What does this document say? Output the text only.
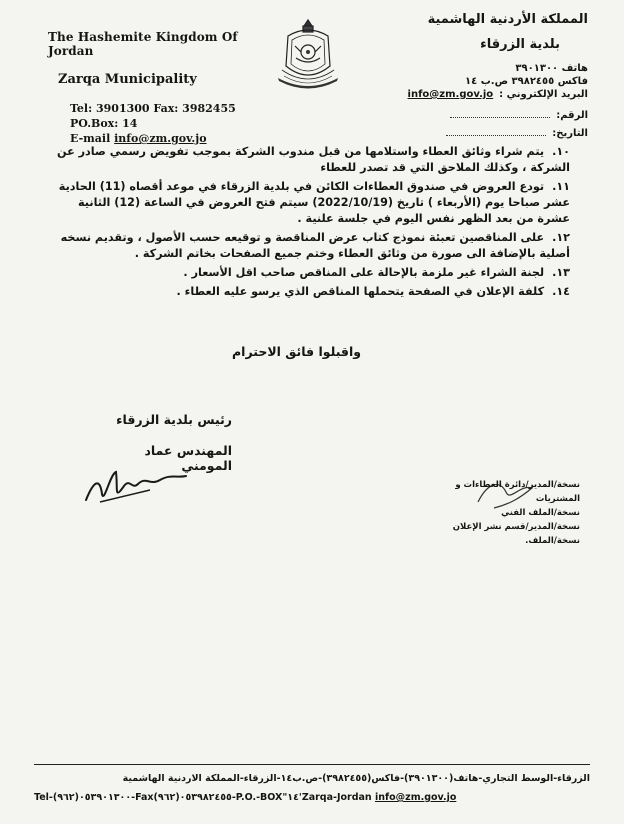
The Hashemite Kingdom Of Jordan
Zarqa Municipality
Tel: 3901300 Fax: 3982455
PO.Box: 14
E-mail info@zm.gov.jo
المملكة الأردنية الهاشمية
بلدية الزرقاء
هاتف ٣٩٠١٣٠٠
فاكس ٣٩٨٢٤٥٥ ص.ب ١٤
البريد الإلكتروني :
info@zm.gov.jo
الرقم:
التاريخ:
١٠. يتم شراء وثائق العطاء واستلامها من قبل مندوب الشركة بموجب تفويض رسمي صادر عن الشركة ، وكذلك الملاحق التي قد تصدر للعطاء
١١. تودع العروض في صندوق العطاءات الكائن في بلدية الزرقاء في موعد أقصاه (11) الحادية عشر صباحا يوم (الأربعاء ) تاريخ (2022/10/19) سيتم فتح العروض في الساعة (12) الثانية عشرة من بعد الظهر نفس اليوم في جلسة علنية .
١٢. على المناقصين تعبئة نموذج كتاب عرض المناقصة و توقيعه حسب الأصول ، وتقديم نسخه أصلية بالإضافة الى صورة من وثائق العطاء وختم جميع الصفحات بخاتم الشركة .
١٣. لجنة الشراء غير ملزمة بالإحالة على المناقص صاحب اقل الأسعار .
١٤. كلفة الإعلان في الصفحة يتحملها المناقص الذي يرسو عليه العطاء .
واقبلوا فائق الاحترام
رئيس بلدية الزرقاء
المهندس عماد المومني
نسخة/المدير/دائرة العطاءات و المشتريات
نسخة/الملف الفني
نسخة/المدير/قسم نشر الإعلان
نسخة/الملف.
الزرقاء-الوسط التجاري-هاتف(٣٩٠١٣٠٠)-فاكس(٣٩٨٢٤٥٥)-ص.ب١٤-الزرقاء-المملكة الاردنية الهاشمية
Tel-(٩٦٢)٠٥٣٩٠١٣٠٠-Fax(٩٦٢)٠٥٣٩٨٢٤٥٥-P.O.-BOX"١٤'Zarqa-Jordan info@zm.gov.jo
